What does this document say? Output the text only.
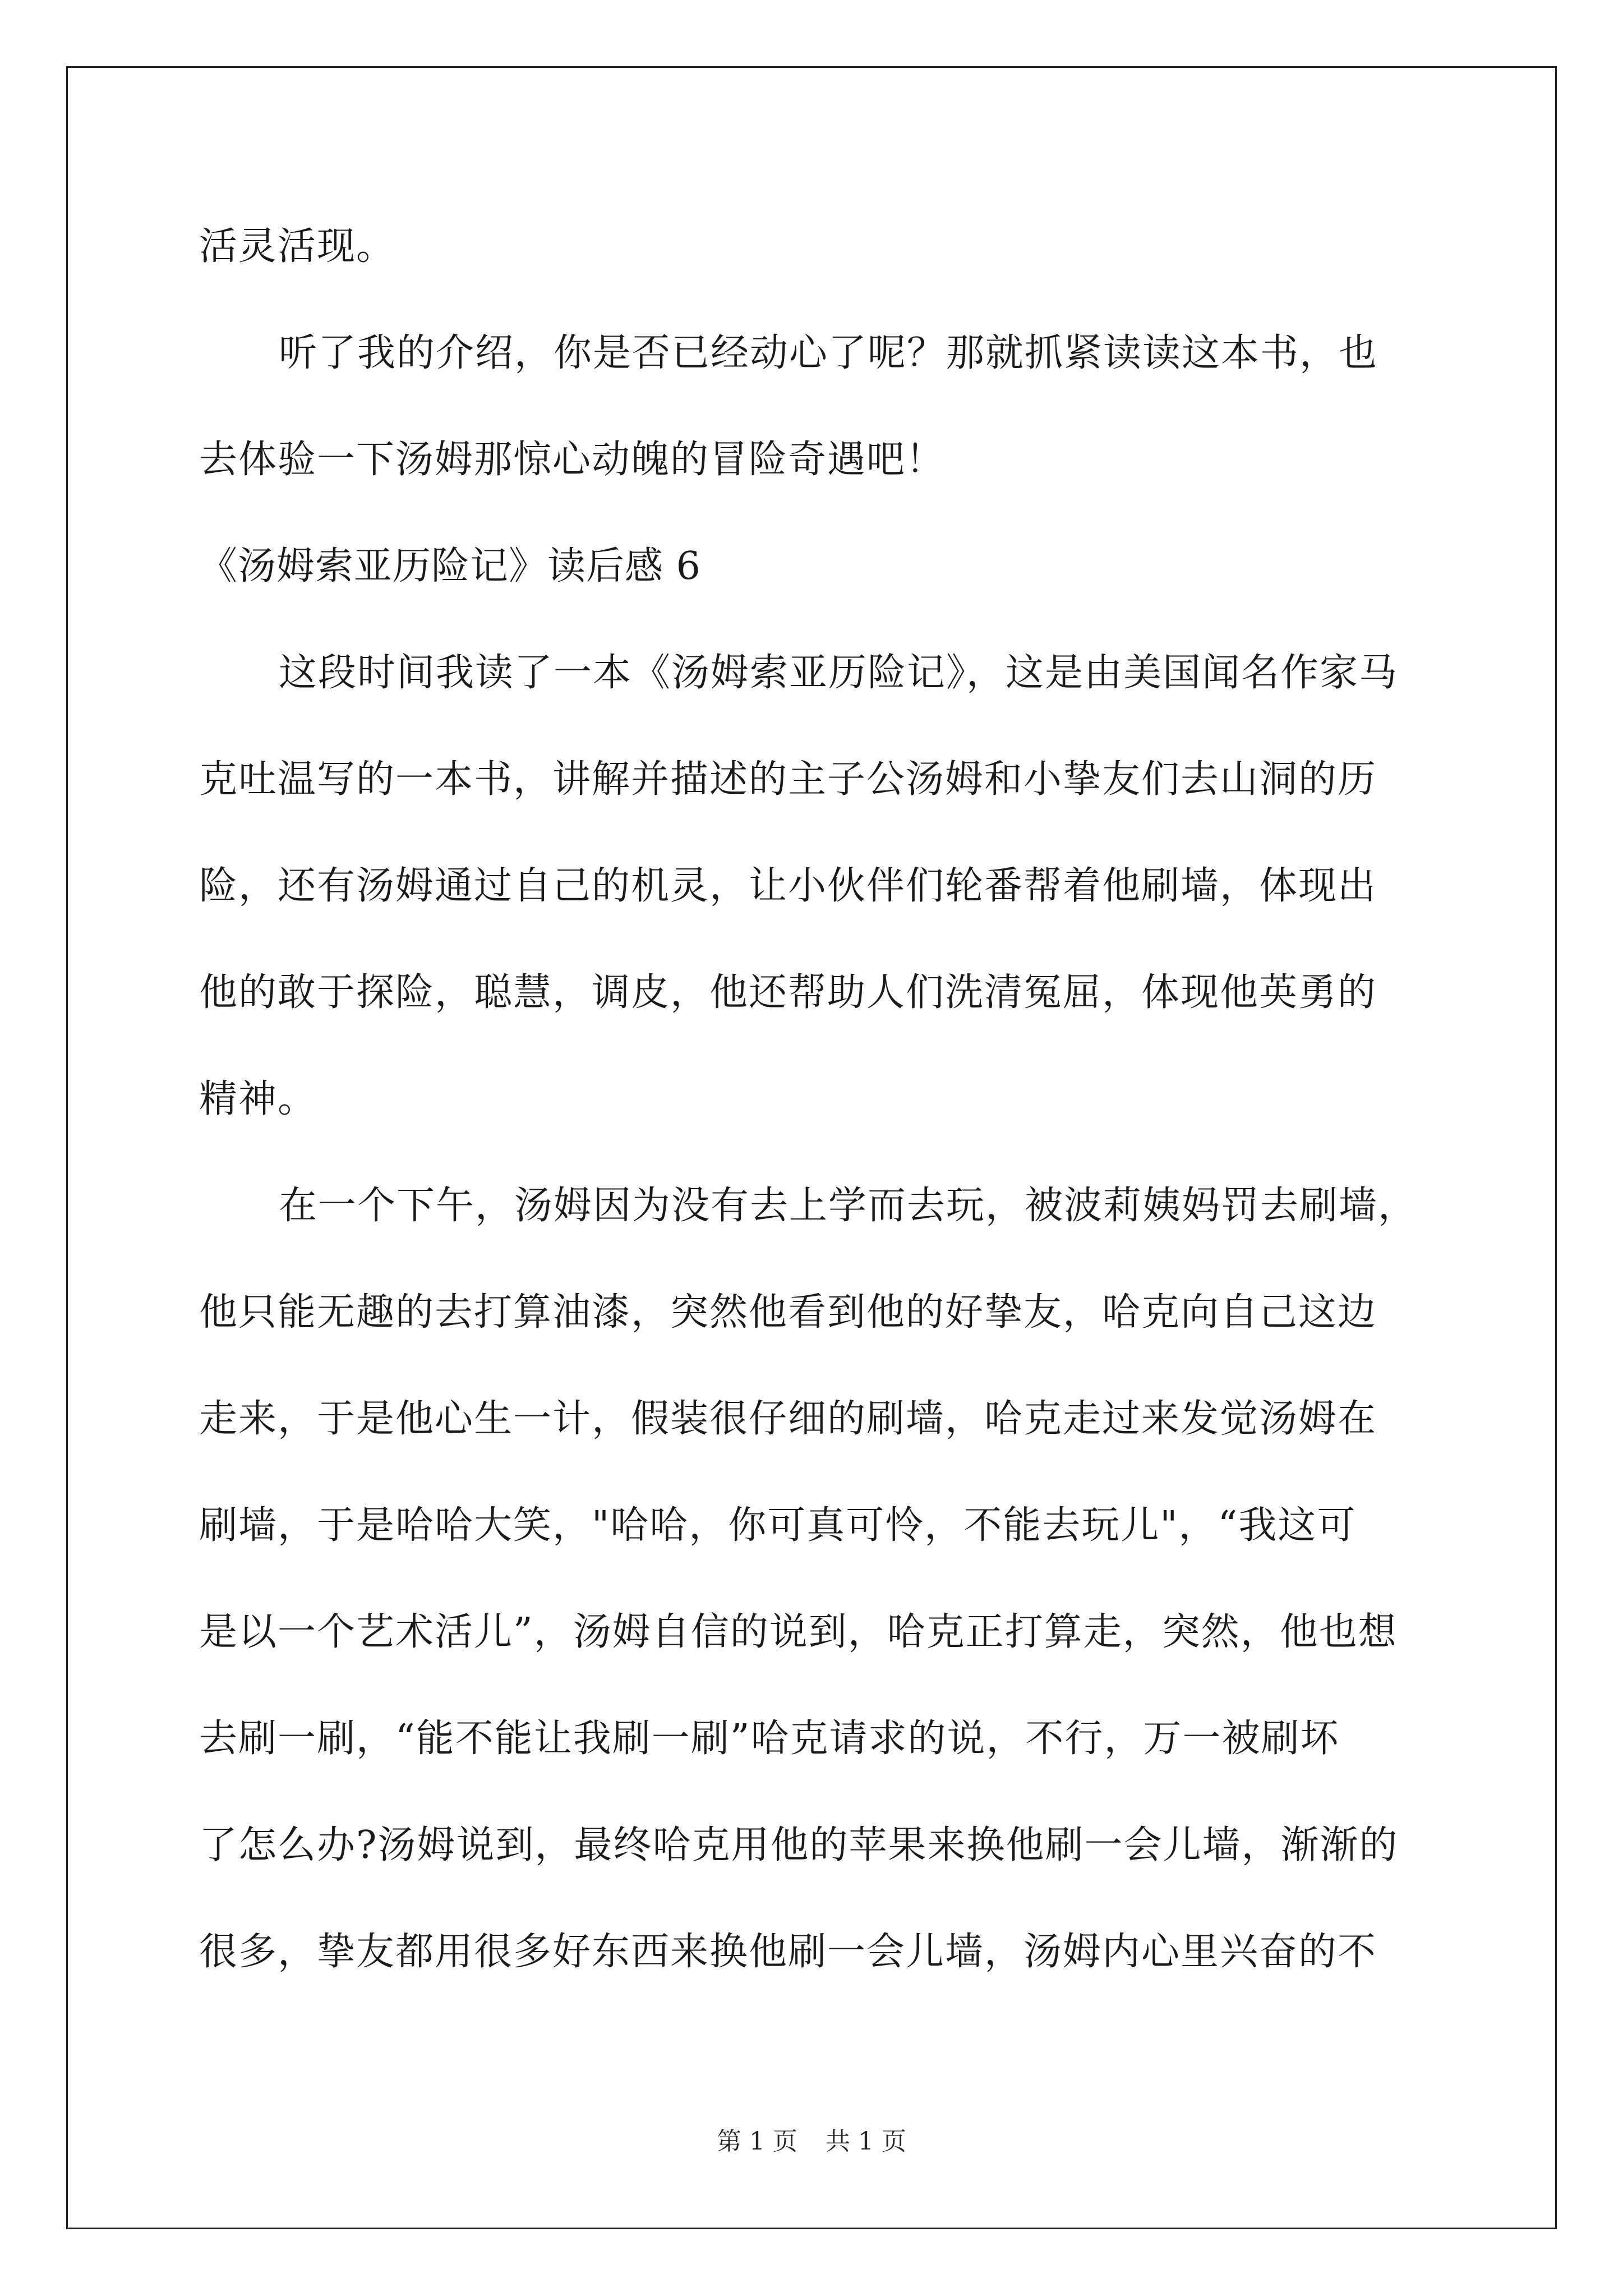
活灵活现。
听了我的介绍，你是否已经动心了呢？那就抓紧读读这本书，也
去体验一下汤姆那惊心动魄的冒险奇遇吧！
《汤姆索亚历险记》读后感 6
这段时间我读了一本《汤姆索亚历险记》，这是由美国闻名作家马
克吐温写的一本书，讲解并描述的主子公汤姆和小挚友们去山洞的历
险，还有汤姆通过自己的机灵，让小伙伴们轮番帮着他刷墙，体现出
他的敢于探险，聪慧，调皮，他还帮助人们洗清冤屈，体现他英勇的
精神。
在一个下午，汤姆因为没有去上学而去玩，被波莉姨妈罚去刷墙，
他只能无趣的去打算油漆，突然他看到他的好挚友，哈克向自己这边
走来，于是他心生一计，假装很仔细的刷墙，哈克走过来发觉汤姆在
刷墙，于是哈哈大笑，"哈哈，你可真可怜，不能去玩儿"，“我这可
是以一个艺术活儿”，汤姆自信的说到，哈克正打算走，突然，他也想
去刷一刷，“能不能让我刷一刷”哈克请求的说，不行，万一被刷坏
了怎么办?汤姆说到，最终哈克用他的苹果来换他刷一会儿墙，渐渐的
很多，挚友都用很多好东西来换他刷一会儿墙，汤姆内心里兴奋的不
第 1 页 共 1 页
